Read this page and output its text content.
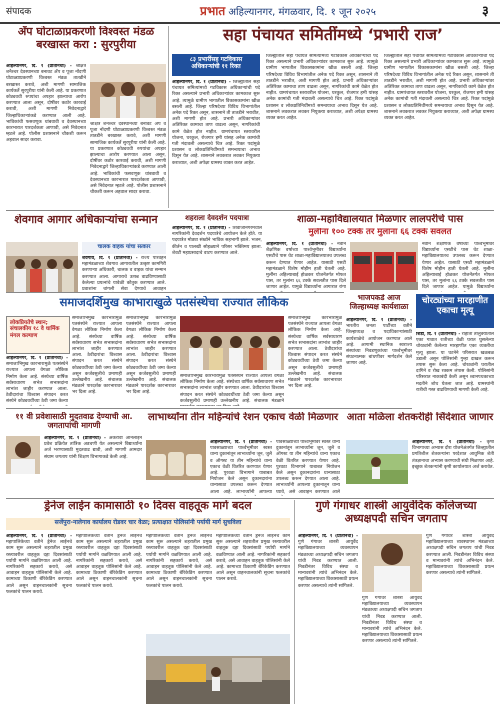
संपादक	प्रभात अहिल्यानगर, मंगळवार, दि. १ जून २०२५	३
अँप घोटाळाप्रकरणी विश्वस्त मंडळ बरखास्त करा : सुरपुरीया
अहिल्यानगर, दि. १ (प्रतिनिधी) - श्रीक्षेत्र शनैश्चर देवस्थानच्या बनावट अँप व पूजा नोंदणी घोटाळ्याप्रकरणी विश्वस्त मंडळ तातडीने बरखास्त करावे, अशी मागणी सामाजिक कार्यकर्ते सुरपुरीया यांनी केली आहे. या प्रकरणात कोट्यवधी रुपयांचा अपहार झाल्याचा आरोप करण्यात आला असून, दोषींवर कठोर कारवाई करावी, अशी मागणी निवेदनाद्वारे जिल्हाधिकाऱ्यांकडे करण्यात आली आहे. भाविकांची फसवणूक थांबवावी व देवस्थानच्या कारभारात पारदर्शकता आणावी, असे निवेदनात म्हटले आहे. पोलीस प्रशासनाने चौकशी करून अहवाल सादर करावा.
श्रीक्षेत्र शनैश्चर देवस्थानच्या बनावट अँप व पूजा नोंदणी घोटाळ्याप्रकरणी विश्वस्त मंडळ तातडीने बरखास्त करावे, अशी मागणी सामाजिक कार्यकर्ते सुरपुरीया यांनी केली आहे. या प्रकरणात कोट्यवधी रुपयांचा अपहार झाल्याचा आरोप करण्यात आला असून, दोषींवर कठोर कारवाई करावी, अशी मागणी निवेदनाद्वारे जिल्हाधिकाऱ्यांकडे करण्यात आली आहे. भाविकांची फसवणूक थांबवावी व देवस्थानच्या कारभारात पारदर्शकता आणावी, असे निवेदनात म्हटले आहे. पोलीस प्रशासनाने चौकशी करून अहवाल सादर करावा.
सहा पंचायत समितींमध्ये ‘प्रभारी राज’
८३ प्रभारींसह गटविकास अधिकाऱ्यांची ११ रिक्त
अहिल्यानगर, दि. १ (प्रतिनिधी) - जिल्ह्यातील सहा पंचायत समित्यांमध्ये गटविकास अधिकाऱ्यांची पदे रिक्त असल्याने प्रभारी अधिकाऱ्यांवर कामकाज सुरू आहे. त्यामुळे ग्रामीण भागातील विकासकामांना खीळ बसली आहे. जिल्हा परिषदेच्या विविध विभागांतील अनेक पदे रिक्त असून, शासनाने ती तातडीने भरावीत, अशी मागणी होत आहे. प्रभारी अधिकाऱ्यांवर अतिरिक्त कामाचा ताण वाढला असून, नागरिकांची कामे वेळेत होत नाहीत. ग्रामपंचायत स्तरावरील योजना, घरकुल, रोजगार हमी यांसह अनेक कामांची गती मंदावली असल्याचे चित्र आहे. रिक्त पदांमुळे प्रशासन व लोकप्रतिनिधींमध्ये समन्वयाचा अभाव दिसून येत आहे. शासनाने लवकरात लवकर नियुक्त्या कराव्यात, अशी अपेक्षा ग्रामस्थ व्यक्त करत आहेत.
जिल्ह्यातील सहा पंचायत समित्यांमध्ये गटविकास अधिकाऱ्यांची पदे रिक्त असल्याने प्रभारी अधिकाऱ्यांवर कामकाज सुरू आहे. त्यामुळे ग्रामीण भागातील विकासकामांना खीळ बसली आहे. जिल्हा परिषदेच्या विविध विभागांतील अनेक पदे रिक्त असून, शासनाने ती तातडीने भरावीत, अशी मागणी होत आहे. प्रभारी अधिकाऱ्यांवर अतिरिक्त कामाचा ताण वाढला असून, नागरिकांची कामे वेळेत होत नाहीत. ग्रामपंचायत स्तरावरील योजना, घरकुल, रोजगार हमी यांसह अनेक कामांची गती मंदावली असल्याचे चित्र आहे. रिक्त पदांमुळे प्रशासन व लोकप्रतिनिधींमध्ये समन्वयाचा अभाव दिसून येत आहे. शासनाने लवकरात लवकर नियुक्त्या कराव्यात, अशी अपेक्षा ग्रामस्थ व्यक्त करत आहेत.
जिल्ह्यातील सहा पंचायत समित्यांमध्ये गटविकास अधिकाऱ्यांची पदे रिक्त असल्याने प्रभारी अधिकाऱ्यांवर कामकाज सुरू आहे. त्यामुळे ग्रामीण भागातील विकासकामांना खीळ बसली आहे. जिल्हा परिषदेच्या विविध विभागांतील अनेक पदे रिक्त असून, शासनाने ती तातडीने भरावीत, अशी मागणी होत आहे. प्रभारी अधिकाऱ्यांवर अतिरिक्त कामाचा ताण वाढला असून, नागरिकांची कामे वेळेत होत नाहीत. ग्रामपंचायत स्तरावरील योजना, घरकुल, रोजगार हमी यांसह अनेक कामांची गती मंदावली असल्याचे चित्र आहे. रिक्त पदांमुळे प्रशासन व लोकप्रतिनिधींमध्ये समन्वयाचा अभाव दिसून येत आहे. शासनाने लवकरात लवकर नियुक्त्या कराव्यात, अशी अपेक्षा ग्रामस्थ व्यक्त करत आहेत.
शेवगाव आगार अधिकाऱ्यांचा सन्मान
चालक वाहक यांचा सत्कार
शेवगाव, दि. १ (प्रतिनिधी) - राज्य परिवहन महामंडळाच्या शेवगाव आगारातील उत्कृष्ट कामगिरी करणाऱ्या अधिकारी, चालक व वाहक यांचा सन्मान करण्यात आला. आगाराचे उत्पन्न वाढविण्यासाठी केलेल्या प्रयत्नांचे यावेळी कौतुक करण्यात आले. प्रवाशांना चांगली सेवा देण्याचे आवाहन
शहराला देवदर्शन पदयात्रा
अहिल्यानगर, दि. १ (प्रतिनिधी) - शिवाजीनगरमधील नागरिकांनी देवदर्शन पदयात्रेचे आयोजन केले होते. या पदयात्रेत मोठ्या संख्येने भाविक सहभागी झाले. भजन, कीर्तन व पालखी सोहळ्याने परिसर भक्तिमय झाला. शेवटी महाप्रसादाचे वाटप करण्यात आले.
शाळा-महाविद्यालयात मिळणार लालपरीचे पास
मुलींना १०० टक्के तर मुलांना ६६ टक्के सवलत
अहिल्यानगर, दि. १ (प्रतिनिधी) - नवीन शैक्षणिक वर्षाच्या पार्श्वभूमीवर विद्यार्थ्यांना एसटीचे पास थेट शाळा-महाविद्यालयातच उपलब्ध करून देण्यात येणार आहेत. यासाठी एसटी महामंडळाने विशेष मोहीम हाती घेतली आहे. मुलींना अहिल्याबाई होळकर योजनेंतर्गत मोफत पास, तर मुलांना ६६ टक्के सवलतीत पास दिले जाणार आहेत. यामुळे विद्यार्थ्यांना आगारात रांगा
नवीन शैक्षणिक वर्षाच्या पार्श्वभूमीवर विद्यार्थ्यांना एसटीचे पास थेट शाळा-महाविद्यालयातच उपलब्ध करून देण्यात येणार आहेत. यासाठी एसटी महामंडळाने विशेष मोहीम हाती घेतली आहे. मुलींना अहिल्याबाई होळकर योजनेंतर्गत मोफत पास, तर मुलांना ६६ टक्के सवलतीत पास दिले जाणार आहेत. यामुळे विद्यार्थ्यांना
भाजपकडे आज जिल्हाध्यक्ष कार्यशाळा
अहिल्यानगर, दि. १ (प्रतिनिधी) - भारतीय जनता पार्टीच्या वतीने जिल्हाध्यक्ष व पदाधिकाऱ्यांसाठी कार्यशाळेचे आयोजन करण्यात आले आहे. आगामी स्थानिक स्वराज्य संस्थांच्या निवडणुकांच्या पार्श्वभूमीवर संघटनात्मक बांधणीवर मार्गदर्शन केले जाणार आहे.
चोरट्यांच्या मारहाणीत एकाचा मृत्यू
शिर्डी, दि. १ (प्रतिनिधी) - राहाता तालुक्यातील एका गावात रात्रीच्या वेळी घरात घुसलेल्या चोरट्यांनी केलेल्या मारहाणीत एका व्यक्तीचा मृत्यू झाला. या घटनेने परिसरात खळबळ उडाली असून पोलिसांनी गुन्हा दाखल करून तपास सुरू केला आहे. चोरट्यांनी घरातील दागिने व रोख रक्कम लंपास केली. पोलिसांनी परिसरात नाकाबंदी केली असून श्वानपथकाच्या मदतीने शोध घेतला जात आहे. ग्रामस्थांनी रात्रीची गस्त वाढविण्याची मागणी केली आहे.
समाजदर्शिमुख काभाराखुळे पतसंस्थेचा राज्यात लौकिक
लोकप्रियतेचे स्थान; संचालकीय १८ वे धार्मिक मंगल कल्याण
अहिल्यानगर, दि. १ (प्रतिनिधी) - समाजाभिमुख कारभारामुळे पतसंस्थेने राज्यात आपला वेगळा लौकिक निर्माण केला आहे. संस्थेच्या वार्षिक सर्वसाधारण सभेत सभासदांना लाभांश जाहीर करण्यात आला. ठेवीदारांचा विश्वास संपादन करत संस्थेने कोट्यवधींच्या ठेवी जमा केल्या
समाजाभिमुख कारभारामुळे पतसंस्थेने राज्यात आपला वेगळा लौकिक निर्माण केला आहे. संस्थेच्या वार्षिक सर्वसाधारण सभेत सभासदांना लाभांश जाहीर करण्यात आला. ठेवीदारांचा विश्वास संपादन करत संस्थेने कोट्यवधींच्या ठेवी जमा केल्या असून कर्जवसुलीचे प्रमाणही उल्लेखनीय आहे. संचालक मंडळाने पारदर्शक कारभारावर भर दिला आहे.
समाजाभिमुख कारभारामुळे पतसंस्थेने राज्यात आपला वेगळा लौकिक निर्माण केला आहे. संस्थेच्या वार्षिक सर्वसाधारण सभेत सभासदांना लाभांश जाहीर करण्यात आला. ठेवीदारांचा विश्वास संपादन करत संस्थेने कोट्यवधींच्या ठेवी जमा केल्या असून कर्जवसुलीचे प्रमाणही उल्लेखनीय आहे. संचालक मंडळाने पारदर्शक कारभारावर भर दिला आहे.
समाजाभिमुख कारभारामुळे पतसंस्थेने राज्यात आपला वेगळा लौकिक निर्माण केला आहे. संस्थेच्या वार्षिक सर्वसाधारण सभेत सभासदांना लाभांश जाहीर करण्यात आला. ठेवीदारांचा विश्वास संपादन करत संस्थेने कोट्यवधींच्या ठेवी जमा केल्या असून कर्जवसुलीचे प्रमाणही उल्लेखनीय आहे. संचालक मंडळाने
समाजाभिमुख कारभारामुळे पतसंस्थेने राज्यात आपला वेगळा लौकिक निर्माण केला आहे. संस्थेच्या वार्षिक सर्वसाधारण सभेत सभासदांना लाभांश जाहीर करण्यात आला. ठेवीदारांचा विश्वास संपादन करत संस्थेने कोट्यवधींच्या ठेवी जमा केल्या असून कर्जवसुलीचे प्रमाणही उल्लेखनीय आहे. संचालक मंडळाने पारदर्शक कारभारावर भर दिला आहे.
११ वी प्रवेशासाठी मुदतवाढ देण्याची आ. जगतापांची मागणी
अहिल्यानगर, दि. १ (प्रतिनिधी) - अकरावी ऑनलाइन प्रवेश प्रक्रियेत तांत्रिक अडचणी येत असल्याने विद्यार्थ्यांना अर्ज भरण्यासाठी मुदतवाढ द्यावी, अशी मागणी आमदार संग्राम जगताप यांनी शिक्षण विभागाकडे केली आहे.
लाभार्थ्यांना तीन महिन्यांचे रेशन एकाच वेळी मिळणार
अहिल्यानगर, दि. १ (प्रतिनिधी) - पावसाळ्याच्या पार्श्वभूमीवर स्वस्त धान्य दुकानांतून लाभार्थ्यांना जून, जुलै व ऑगस्ट या तीन महिन्यांचे धान्य एकाच वेळी वितरित करण्यात येणार आहे. पुरवठा विभागाने याबाबत नियोजन केले असून दुकानदारांना धान्यसाठा उपलब्ध करून देण्यात आला आहे. लाभार्थ्यांनी आपल्या
पावसाळ्याच्या पार्श्वभूमीवर स्वस्त धान्य दुकानांतून लाभार्थ्यांना जून, जुलै व ऑगस्ट या तीन महिन्यांचे धान्य एकाच वेळी वितरित करण्यात येणार आहे. पुरवठा विभागाने याबाबत नियोजन केले असून दुकानदारांना धान्यसाठा उपलब्ध करून देण्यात आला आहे. लाभार्थ्यांनी आपल्या दुकानातून धान्य घ्यावे, असे आवाहन करण्यात आले
आता मळिला शेतकरीही सिंदेशात जाणार
अहिल्यानगर, दि. १ (प्रतिनिधी) - कृषी विभागाच्या अभ्यास दौरा योजनेअंतर्गत जिल्ह्यातील प्रगतिशील शेतकऱ्यांना परदेशात आधुनिक शेती तंत्रज्ञानाचा अभ्यास करण्याची संधी मिळणार आहे. इच्छुक शेतकऱ्यांनी कृषी कार्यालयात अर्ज करावेत.
ड्रेनेज लाईन कामासाठी १० दिवस वाहतूक मार्ग बदल
सर्जेपुरा-नालेगाव कार्यालय रोडवर चार वेळा; प्रत्याक्षात पोलिसांनी पर्यायी मार्ग सुचविला
अहिल्यानगर, दि. १ (प्रतिनिधी) - महापालिकेच्या वतीने ड्रेनेज लाईनचे काम सुरू असल्याने शहरातील प्रमुख रस्त्यावरील वाहतूक दहा दिवसांसाठी पर्यायी मार्गाने वळविण्यात आली आहे. नागरिकांनी सहकार्य करावे, असे आवाहन वाहतूक पोलिसांनी केले आहे. कामाच्या ठिकाणी बॅरिकेडिंग करण्यात आले असून वाहनचालकांनी सूचना फलकांचे पालन करावे.
महापालिकेच्या वतीने ड्रेनेज लाईनचे काम सुरू असल्याने शहरातील प्रमुख रस्त्यावरील वाहतूक दहा दिवसांसाठी पर्यायी मार्गाने वळविण्यात आली आहे. नागरिकांनी सहकार्य करावे, असे आवाहन वाहतूक पोलिसांनी केले आहे. कामाच्या ठिकाणी बॅरिकेडिंग करण्यात आले असून वाहनचालकांनी सूचना फलकांचे पालन करावे.
महापालिकेच्या वतीने ड्रेनेज लाईनचे काम सुरू असल्याने शहरातील प्रमुख रस्त्यावरील वाहतूक दहा दिवसांसाठी पर्यायी मार्गाने वळविण्यात आली आहे. नागरिकांनी सहकार्य करावे, असे आवाहन वाहतूक पोलिसांनी केले आहे. कामाच्या ठिकाणी बॅरिकेडिंग करण्यात आले असून वाहनचालकांनी सूचना फलकांचे पालन करावे.
महापालिकेच्या वतीने ड्रेनेज लाईनचे काम सुरू असल्याने शहरातील प्रमुख रस्त्यावरील वाहतूक दहा दिवसांसाठी पर्यायी मार्गाने वळविण्यात आली आहे. नागरिकांनी सहकार्य करावे, असे आवाहन वाहतूक पोलिसांनी केले आहे. कामाच्या ठिकाणी बॅरिकेडिंग करण्यात आले असून वाहनचालकांनी सूचना फलकांचे पालन करावे.
गुणे गंगाधर शास्त्री आयुर्वेदिक कॉलेजच्या अध्यक्षपदी सचिन जगताप
अहिल्यानगर, दि. १ (प्रतिनिधी) - गुणे गंगाधर शास्त्री आयुर्वेद महाविद्यालयाच्या व्यवस्थापन मंडळाच्या अध्यक्षपदी सचिन जगताप यांची निवड करण्यात आली. निवडीनंतर विविध संस्था व मान्यवरांनी त्यांचे अभिनंदन केले. महाविद्यालयाच्या विकासासाठी प्रयत्न करणार असल्याचे त्यांनी सांगितले.
गुणे गंगाधर शास्त्री आयुर्वेद महाविद्यालयाच्या व्यवस्थापन मंडळाच्या अध्यक्षपदी सचिन जगताप यांची निवड करण्यात आली. निवडीनंतर विविध संस्था व मान्यवरांनी त्यांचे अभिनंदन केले. महाविद्यालयाच्या विकासासाठी प्रयत्न करणार असल्याचे त्यांनी सांगितले.
गुणे गंगाधर शास्त्री आयुर्वेद महाविद्यालयाच्या व्यवस्थापन मंडळाच्या अध्यक्षपदी सचिन जगताप यांची निवड करण्यात आली. निवडीनंतर विविध संस्था व मान्यवरांनी त्यांचे अभिनंदन केले. महाविद्यालयाच्या विकासासाठी प्रयत्न करणार असल्याचे त्यांनी सांगितले.
